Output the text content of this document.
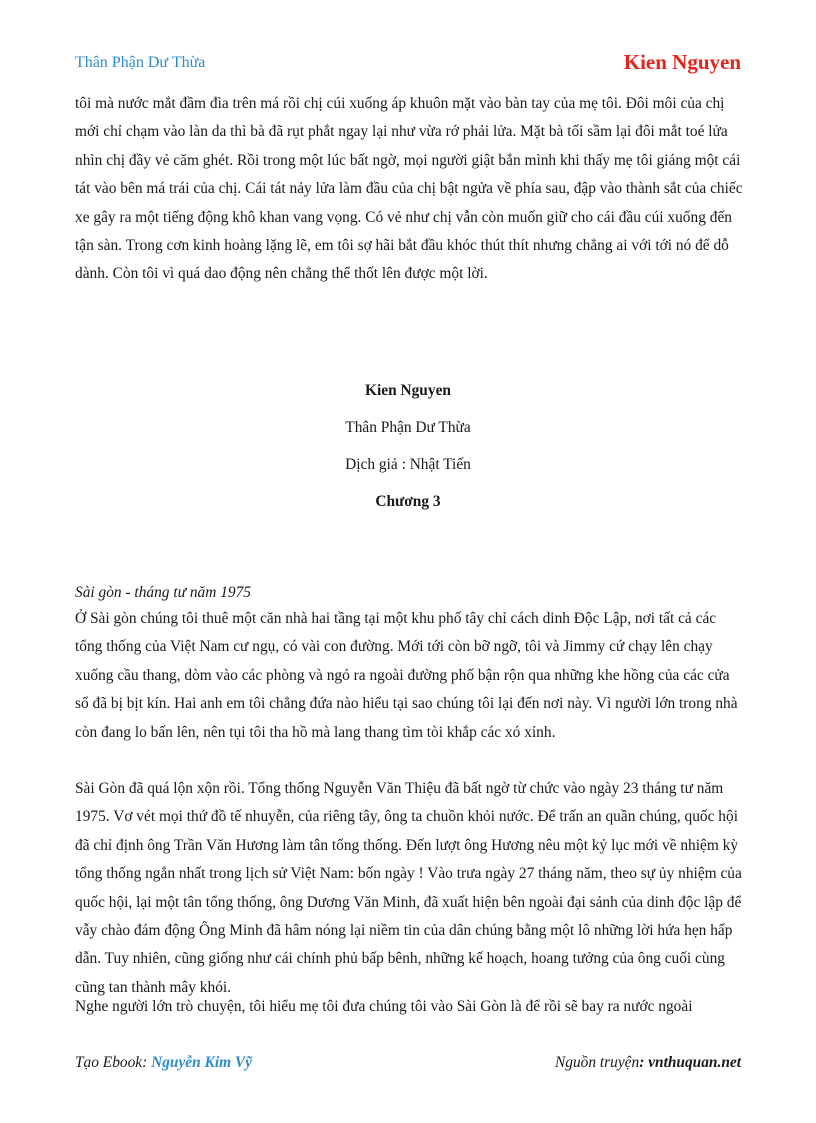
Thân Phận Dư Thừa	Kien Nguyen

tôi mà nước mắt đầm đìa trên má rồi chị cúi xuống áp khuôn mặt vào bàn tay của mẹ tôi. Đôi môi của chị mới chỉ chạm vào làn da thì bà đã rụt phắt ngay lại như vừa rớ phải lửa. Mặt bà tối sầm lại đôi mắt toé lửa nhìn chị đầy vẻ căm ghét. Rồi trong một lúc bất ngờ, mọi người giật bắn mình khi thấy mẹ tôi giáng một cái tát vào bên má trái của chị. Cái tát nảy lửa làm đầu của chị bật ngửa về phía sau, đập vào thành sắt của chiếc xe gây ra một tiếng động khô khan vang vọng. Có vẻ như chị vẫn còn muốn giữ cho cái đầu cúi xuống đến tận sàn. Trong cơn kinh hoàng lặng lẽ, em tôi sợ hãi bắt đầu khóc thút thít nhưng chẳng ai với tới nó để dỗ dành. Còn tôi vì quá dao động nên chẳng thể thốt lên được một lời.

Kien Nguyen
Thân Phận Dư Thừa
Dịch giả : Nhật Tiến
Chương 3
Sài gòn - tháng tư năm 1975

Ở Sài gòn chúng tôi thuê một căn nhà hai tầng tại một khu phố tây chỉ cách dinh Độc Lập, nơi tất cả các tổng thống của Việt Nam cư ngụ, có vài con đường. Mới tới còn bỡ ngỡ, tôi và Jimmy cứ chạy lên chạy xuống cầu thang, dòm vào các phòng và ngó ra ngoài đường phố bận rộn qua những khe hồng của các cửa sổ đã bị bịt kín. Hai anh em tôi chẳng đứa nào hiểu tại sao chúng tôi lại đến nơi này. Vì người lớn trong nhà còn đang lo bấn lên, nên tụi tôi tha hồ mà lang thang tìm tòi khắp các xó xỉnh.

Sài Gòn đã quá lộn xộn rồi. Tổng thống Nguyễn Văn Thiệu đã bất ngờ từ chức vào ngày 23 tháng tư năm 1975. Vơ vét mọi thứ đồ tế nhuyễn, của riêng tây, ông ta chuồn khỏi nước. Để trấn an quần chúng, quốc hội đã chỉ định ông Trần Văn Hương làm tân tổng thống. Đến lượt ông Hương nêu một kỷ lục mới về nhiệm kỳ tổng thống ngắn nhất trong lịch sử Việt Nam: bốn ngày ! Vào trưa ngày 27 tháng năm, theo sự ủy nhiệm của quốc hội, lại một tân tổng thống, ông Dương Văn Minh, đã xuất hiện bên ngoài đại sảnh của dinh độc lập để vẫy chào đám động Ông Minh đã hâm nóng lại niềm tin của dân chúng bằng một lô những lời hứa hẹn hấp dẫn. Tuy nhiên, cũng giống như cái chính phủ bấp bênh, những kế hoạch, hoang tưởng của ông cuối cùng cũng tan thành mây khói.

Nghe người lớn trò chuyện, tôi hiểu mẹ tôi đưa chúng tôi vào Sài Gòn là để rồi sẽ bay ra nước ngoài

Tạo Ebook: Nguyễn Kim Vỹ	Nguồn truyện: vnthuquan.net
